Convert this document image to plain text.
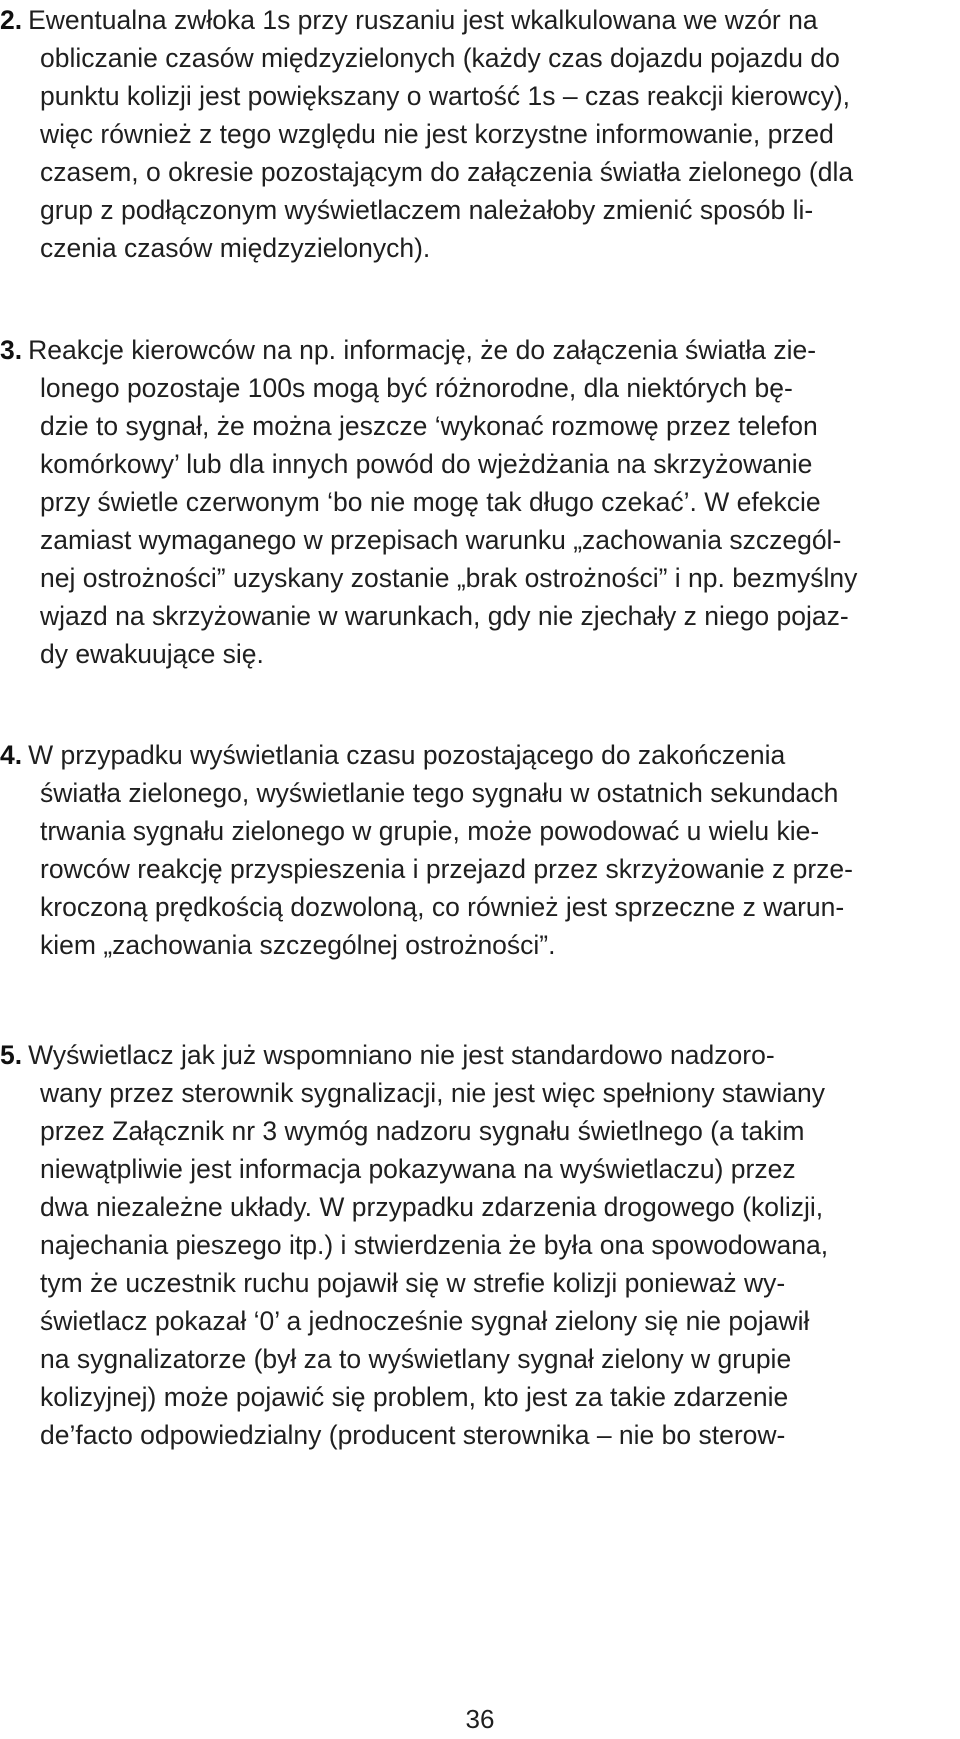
2. Ewentualna zwłoka 1s przy ruszaniu jest wkalkulowana we wzór na
obliczanie czasów międzyzielonych (każdy czas dojazdu pojazdu do
punktu kolizji jest powiększany o wartość 1s – czas reakcji kierowcy),
więc również z tego względu nie jest korzystne informowanie, przed
czasem, o okresie pozostającym do załączenia światła zielonego (dla
grup z podłączonym wyświetlaczem należałoby zmienić sposób li-
czenia czasów międzyzielonych).
3. Reakcje kierowców na np. informację, że do załączenia światła zie-
lonego pozostaje 100s mogą być różnorodne, dla niektórych bę-
dzie to sygnał, że można jeszcze ‘wykonać rozmowę przez telefon
komórkowy’ lub dla innych powód do wjeżdżania na skrzyżowanie
przy świetle czerwonym ‘bo nie mogę tak długo czekać’. W efekcie
zamiast wymaganego w przepisach warunku „zachowania szczegól-
nej ostrożności” uzyskany zostanie „brak ostrożności” i np. bezmyślny
wjazd na skrzyżowanie w warunkach, gdy nie zjechały z niego pojaz-
dy ewakuujące się.
4. W przypadku wyświetlania czasu pozostającego do zakończenia
światła zielonego, wyświetlanie tego sygnału w ostatnich sekundach
trwania sygnału zielonego w grupie, może powodować u wielu kie-
rowców reakcję przyspieszenia i przejazd przez skrzyżowanie z prze-
kroczoną prędkością dozwoloną, co również jest sprzeczne z warun-
kiem „zachowania szczególnej ostrożności”.
5. Wyświetlacz jak już wspomniano nie jest standardowo nadzoro-
wany przez sterownik sygnalizacji, nie jest więc spełniony stawiany
przez Załącznik nr 3 wymóg nadzoru sygnału świetlnego (a takim
niewątpliwie jest informacja pokazywana na wyświetlaczu) przez
dwa niezależne układy. W przypadku zdarzenia drogowego (kolizji,
najechania pieszego itp.) i stwierdzenia że była ona spowodowana,
tym że uczestnik ruchu pojawił się w strefie kolizji ponieważ wy-
świetlacz pokazał ‘0’ a jednocześnie sygnał zielony się nie pojawił
na sygnalizatorze (był za to wyświetlany sygnał zielony w grupie
kolizyjnej) może pojawić się problem, kto jest za takie zdarzenie
de’facto odpowiedzialny (producent sterownika – nie bo sterow-
36
